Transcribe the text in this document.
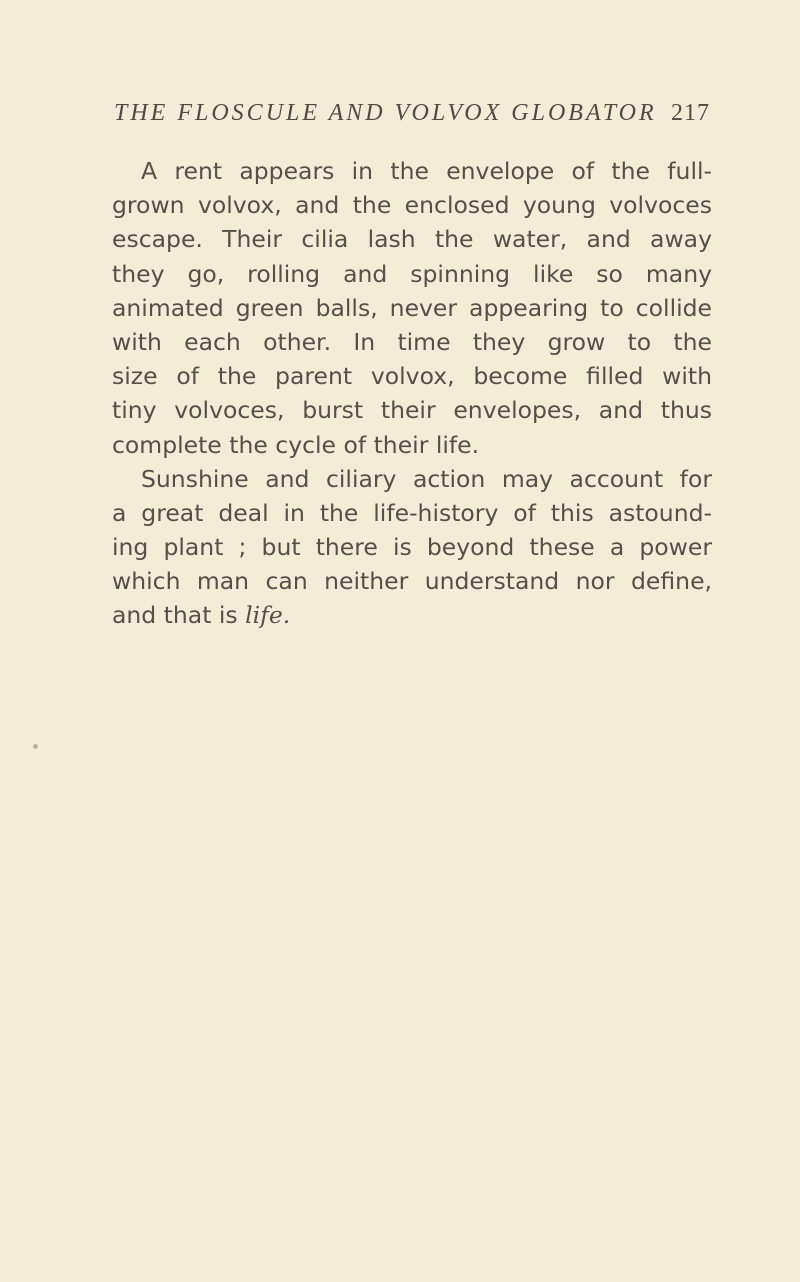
THE FLOSCULE AND VOLVOX GLOBATOR 217
A rent appears in the envelope of the full-
grown volvox, and the enclosed young volvoces
escape. Their cilia lash the water, and away
they go, rolling and spinning like so many
animated green balls, never appearing to collide
with each other. In time they grow to the
size of the parent volvox, become filled with
tiny volvoces, burst their envelopes, and thus
complete the cycle of their life.
Sunshine and ciliary action may account for
a great deal in the life-history of this astound-
ing plant ; but there is beyond these a power
which man can neither understand nor define,
and that is life.
